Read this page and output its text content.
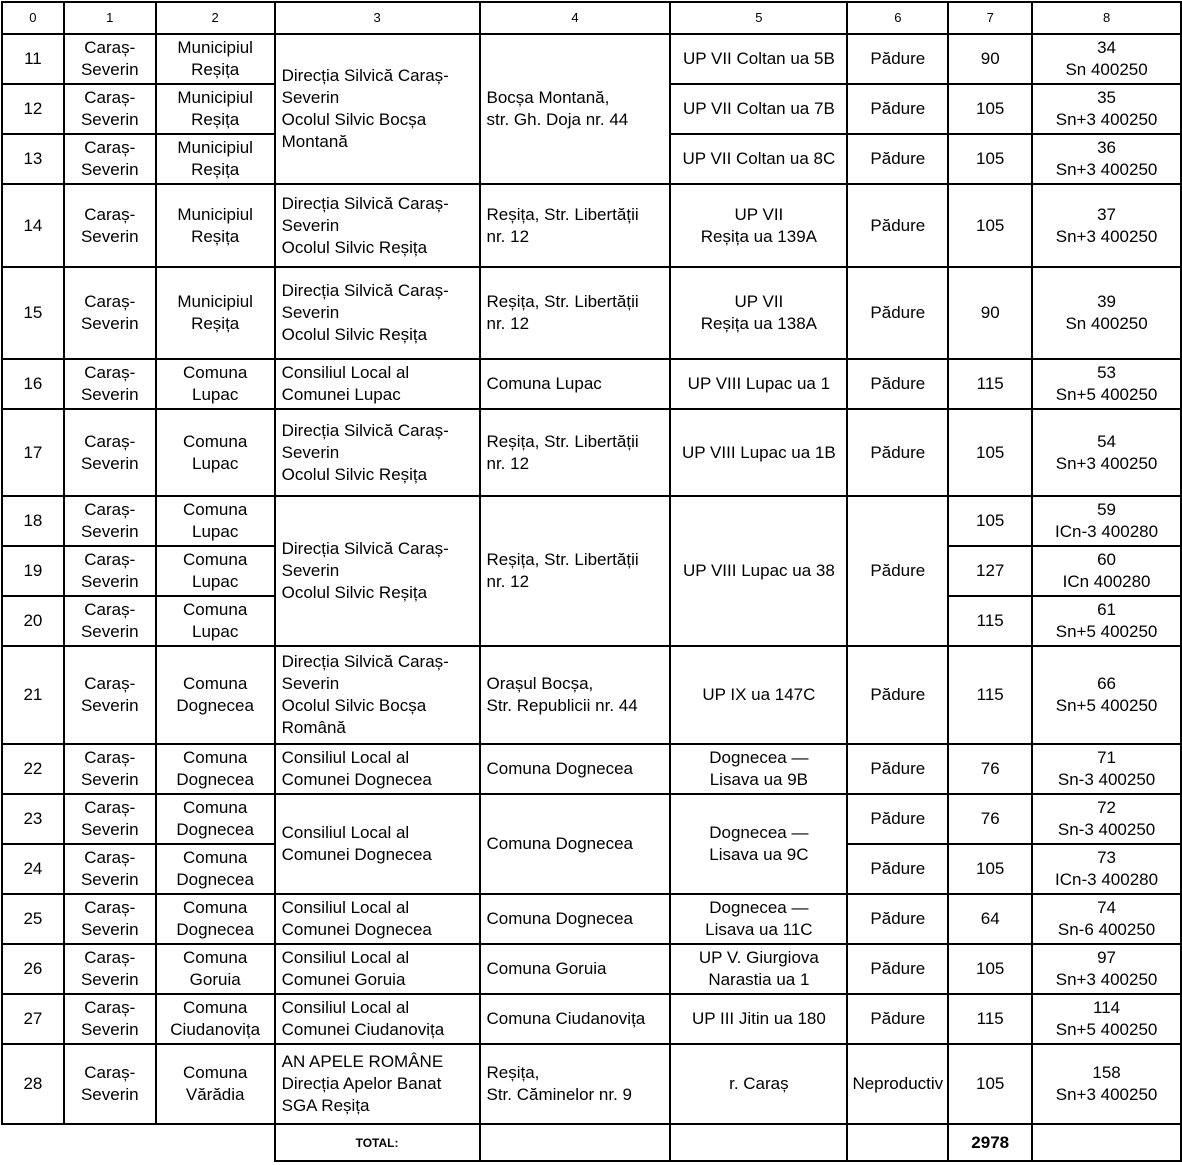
0	1	2	3	4	5	6	7	8
11	Caraș-
Severin	Municipiul
Reșița	Direcția Silvică Caraș-
Severin
Ocolul Silvic Bocșa
Montană	Bocșa Montană,
str. Gh. Doja nr. 44	UP VII Coltan ua 5B	Pădure	90	34
Sn 400250

12	Caraș-
Severin	Municipiul
Reșița			UP VII Coltan ua 7B	Pădure	105	35
Sn+3 400250

13	Caraș-
Severin	Municipiul
Reșița			UP VII Coltan ua 8C	Pădure	105	36
Sn+3 400250

14	Caraș-
Severin	Municipiul
Reșița	Direcția Silvică Caraș-
Severin
Ocolul Silvic Reșița	Reșița, Str. Libertății
nr. 12	UP VII
Reșița ua 139A	Pădure	105	37
Sn+3 400250

15	Caraș-
Severin	Municipiul
Reșița	Direcția Silvică Caraș-
Severin
Ocolul Silvic Reșița	Reșița, Str. Libertății
nr. 12	UP VII
Reșița ua 138A	Pădure	90	39
Sn 400250

16	Caraș-
Severin	Comuna
Lupac	Consiliul Local al
Comunei Lupac	Comuna Lupac	UP VIII Lupac ua 1	Pădure	115	53
Sn+5 400250

17	Caraș-
Severin	Comuna
Lupac	Direcția Silvică Caraș-
Severin
Ocolul Silvic Reșița	Reșița, Str. Libertății
nr. 12	UP VIII Lupac ua 1B	Pădure	105	54
Sn+3 400250

18	Caraș-
Severin	Comuna
Lupac	Direcția Silvică Caraș-
Severin
Ocolul Silvic Reșița	Reșița, Str. Libertății
nr. 12	UP VIII Lupac ua 38	Pădure	105	59
ICn-3 400280

19	Caraș-
Severin	Comuna
Lupac					127	60
ICn 400280

20	Caraș-
Severin	Comuna
Lupac					115	61
Sn+5 400250

21	Caraș-
Severin	Comuna
Dognecea	Direcția Silvică Caraș-
Severin
Ocolul Silvic Bocșa
Română	Orașul Bocșa,
Str. Republicii nr. 44	UP IX ua 147C	Pădure	115	66
Sn+5 400250

22	Caraș-
Severin	Comuna
Dognecea	Consiliul Local al
Comunei Dognecea	Comuna Dognecea	Dognecea —
Lisava ua 9B	Pădure	76	71
Sn-3 400250

23	Caraș-
Severin	Comuna
Dognecea	Consiliul Local al
Comunei Dognecea	Comuna Dognecea	Dognecea —
Lisava ua 9C	Pădure	76	72
Sn-3 400250

24	Caraș-
Severin	Comuna
Dognecea				Pădure	105	73
ICn-3 400280

25	Caraș-
Severin	Comuna
Dognecea	Consiliul Local al
Comunei Dognecea	Comuna Dognecea	Dognecea —
Lisava ua 11C	Pădure	64	74
Sn-6 400250

26	Caraș-
Severin	Comuna
Goruia	Consiliul Local al
Comunei Goruia	Comuna Goruia	UP V. Giurgiova
Narastia ua 1	Pădure	105	97
Sn+3 400250

27	Caraș-
Severin	Comuna
Ciudanovița	Consiliul Local al
Comunei Ciudanovița	Comuna Ciudanovița	UP III Jitin ua 180	Pădure	115	114
Sn+5 400250

28	Caraș-
Severin	Comuna
Vărădia	AN APELE ROMÂNE
Direcția Apelor Banat
SGA Reșița	Reșița,
Str. Căminelor nr. 9	r. Caraș	Neproductiv	105	158
Sn+3 400250

			TOTAL:				2978	
